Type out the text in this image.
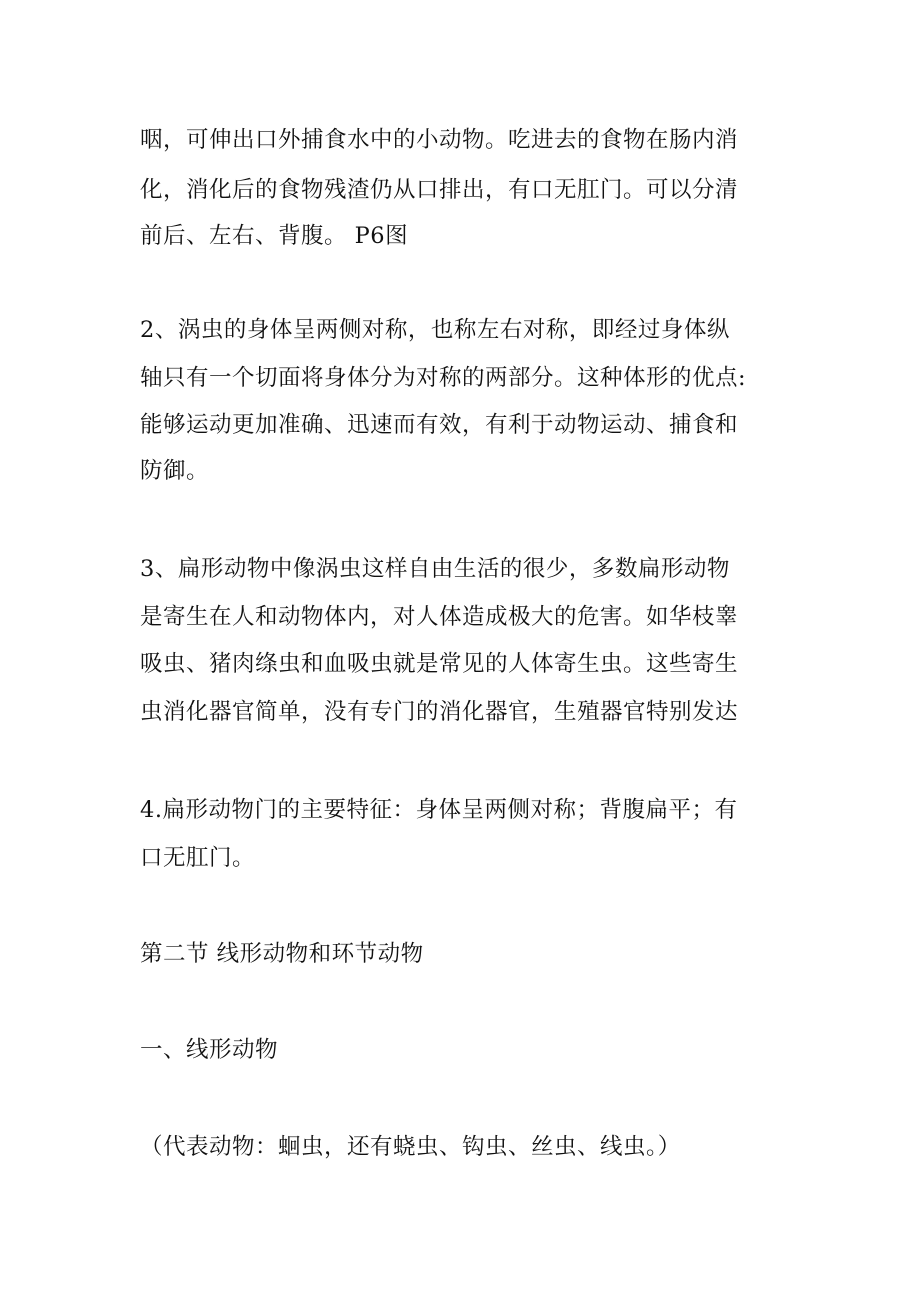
咽，可伸出口外捕食水中的小动物。吃进去的食物在肠内消
化，消化后的食物残渣仍从口排出，有口无肛门。可以分清
前后、左右、背腹。 P6图
2、涡虫的身体呈两侧对称，也称左右对称，即经过身体纵
轴只有一个切面将身体分为对称的两部分。这种体形的优点:
能够运动更加准确、迅速而有效，有利于动物运动、捕食和
防御。
3、扁形动物中像涡虫这样自由生活的很少，多数扁形动物
是寄生在人和动物体内，对人体造成极大的危害。如华枝睾
吸虫、猪肉绦虫和血吸虫就是常见的人体寄生虫。这些寄生
虫消化器官简单，没有专门的消化器官，生殖器官特别发达
4.扁形动物门的主要特征：身体呈两侧对称；背腹扁平；有
口无肛门。
第二节 线形动物和环节动物
一、线形动物
（代表动物：蛔虫，还有蛲虫、钩虫、丝虫、线虫。）
